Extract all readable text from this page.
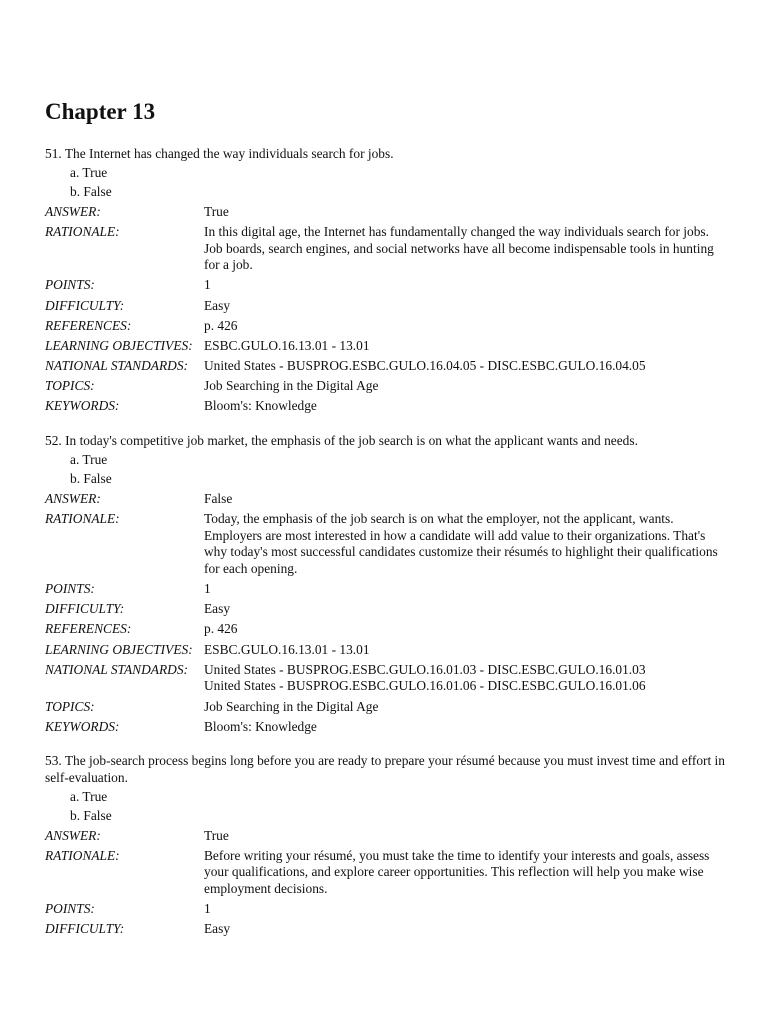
Chapter 13

51. The Internet has changed the way individuals search for jobs.

a. True
b. False
ANSWER:	True
RATIONALE:	In this digital age, the Internet has fundamentally changed the way individuals search for jobs. Job boards, search engines, and social networks have all become indispensable tools in hunting for a job.
POINTS:	1
DIFFICULTY:	Easy
REFERENCES:	p. 426
LEARNING OBJECTIVES: ESBC.GULO.16.13.01 - 13.01
NATIONAL STANDARDS:	United States - BUSPROG.ESBC.GULO.16.04.05 - DISC.ESBC.GULO.16.04.05
TOPICS:	Job Searching in the Digital Age
KEYWORDS:	Bloom's: Knowledge

52. In today's competitive job market, the emphasis of the job search is on what the applicant wants and needs.

a. True
b. False
ANSWER:	False
RATIONALE:	Today, the emphasis of the job search is on what the employer, not the applicant, wants. Employers are most interested in how a candidate will add value to their organizations. That's why today's most successful candidates customize their résumés to highlight their qualifications for each opening.
POINTS:	1
DIFFICULTY:	Easy
REFERENCES:	p. 426
LEARNING OBJECTIVES: ESBC.GULO.16.13.01 - 13.01
NATIONAL STANDARDS:	United States - BUSPROG.ESBC.GULO.16.01.03 - DISC.ESBC.GULO.16.01.03
United States - BUSPROG.ESBC.GULO.16.01.06 - DISC.ESBC.GULO.16.01.06
TOPICS:	Job Searching in the Digital Age
KEYWORDS:	Bloom's: Knowledge

53. The job-search process begins long before you are ready to prepare your résumé because you must invest time and effort in self-evaluation.

a. True
b. False
ANSWER:	True
RATIONALE:	Before writing your résumé, you must take the time to identify your interests and goals, assess your qualifications, and explore career opportunities. This reflection will help you make wise employment decisions.
POINTS:	1
DIFFICULTY:	Easy
